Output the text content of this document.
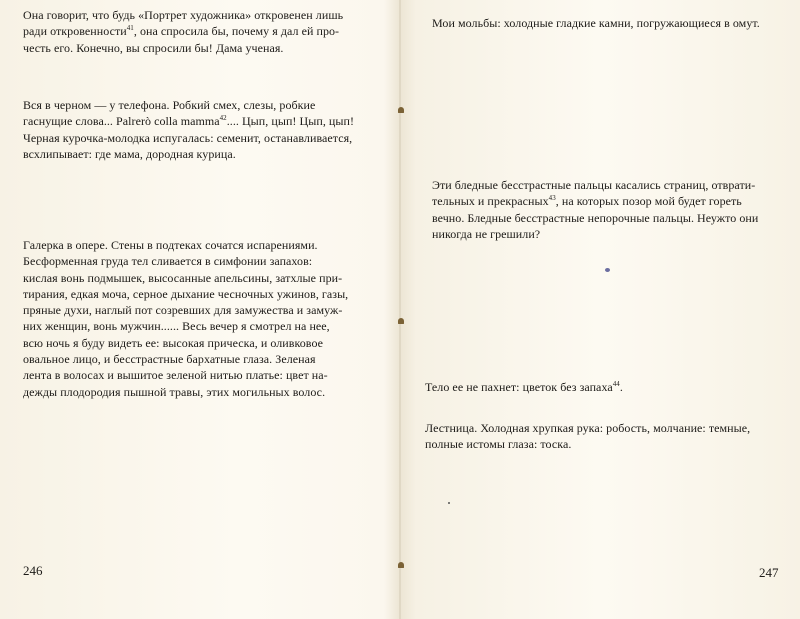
Она говорит, что будь «Портрет художника» откровенен лишь
ради откровенности$^{41}$, она спросила бы, почему я дал ей про-
честь его. Конечно, вы спросили бы! Дама ученая.

Вся в черном — у телефона. Робкий смех, слезы, робкие
гаснущие слова... Palrerò colla mamma$^{42}$.... Цып, цып! Цып, цып!
Черная курочка-молодка испугалась: семенит, останавливается,
всхлипывает: где мама, дородная курица.

Галерка в опере. Стены в подтеках сочатся испарениями.
Бесформенная груда тел сливается в симфонии запахов:
кислая вонь подмышек, высосанные апельсины, затхлые при-
тирания, едкая моча, серное дыхание чесночных ужинов, газы,
пряные духи, наглый пот созревших для замужества и замуж-
них женщин, вонь мужчин...... Весь вечер я смотрел на нее,
всю ночь я буду видеть ее: высокая прическа, и оливковое
овальное лицо, и бесстрастные бархатные глаза. Зеленая
лента в волосах и вышитое зеленой нитью платье: цвет на-
дежды плодородия пышной травы, этих могильных волос.

246

Мои мольбы: холодные гладкие камни, погружающиеся в омут.

Эти бледные бесстрастные пальцы касались страниц, отврати-
тельных и прекрасных$^{43}$, на которых позор мой будет гореть
вечно. Бледные бесстрастные непорочные пальцы. Неужто они
никогда не грешили?

Тело ее не пахнет: цветок без запаха$^{44}$.

Лестница. Холодная хрупкая рука: робость, молчание: темные,
полные истомы глаза: тоска.

247
